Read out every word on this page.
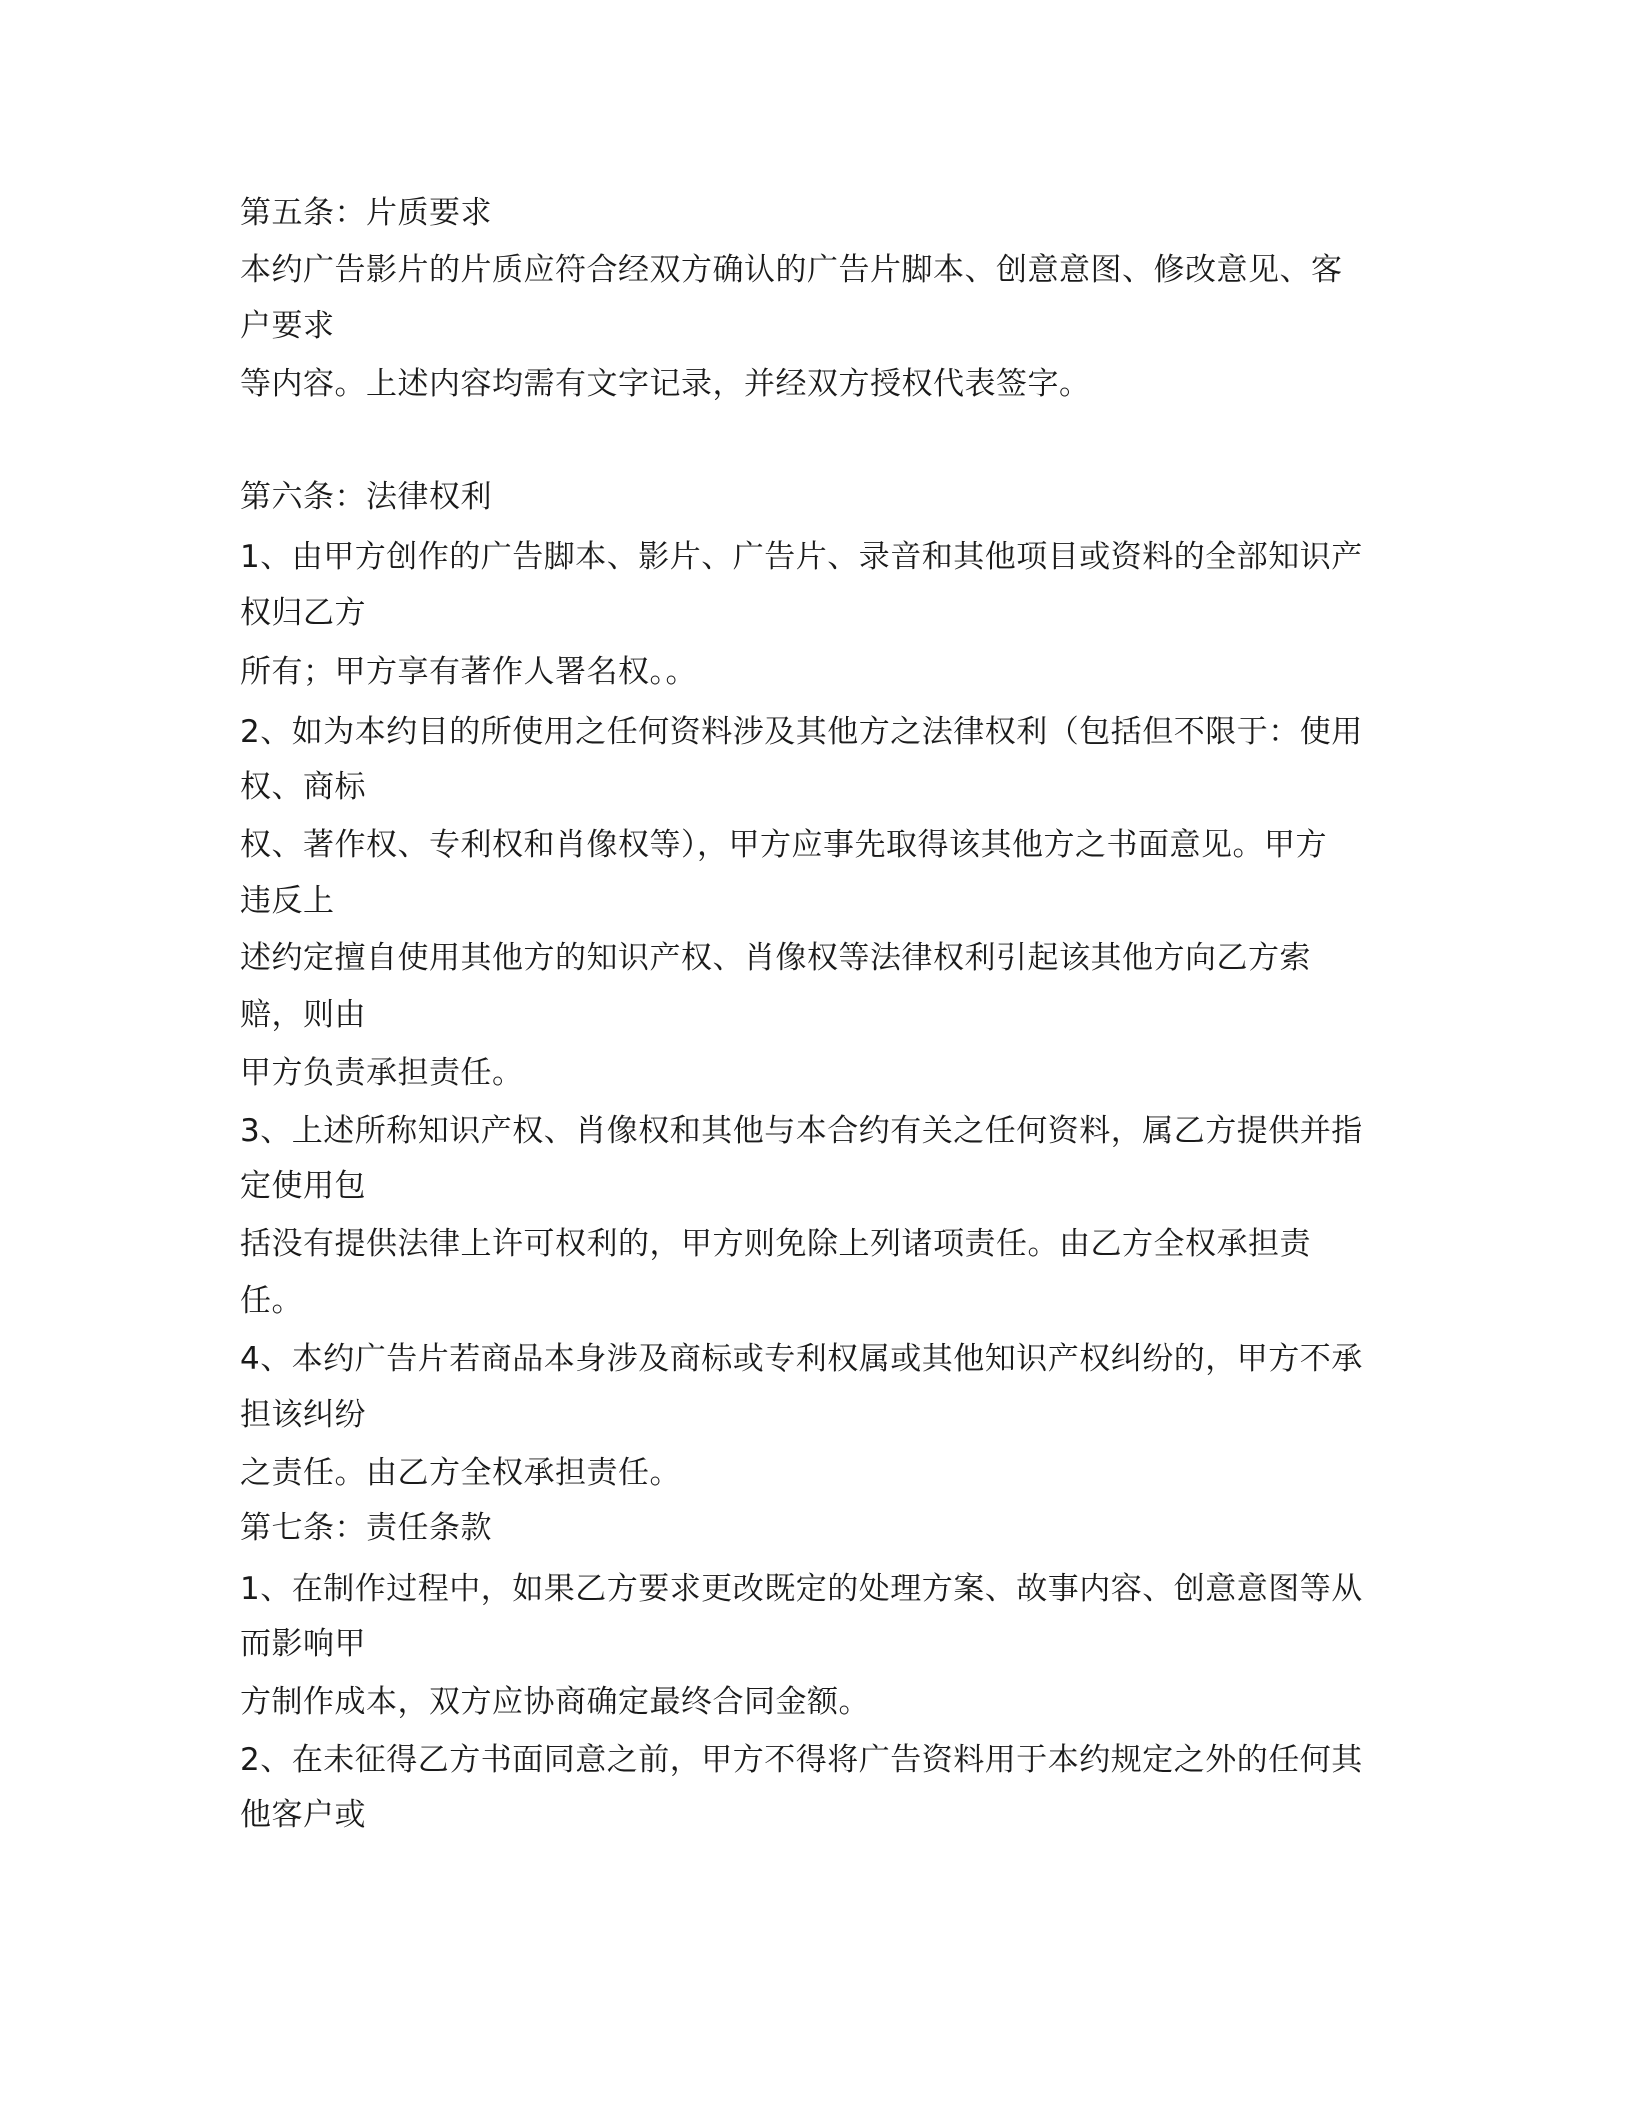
第五条：片质要求
本约广告影片的片质应符合经双方确认的广告片脚本、创意意图、修改意见、客
户要求
等内容。上述内容均需有文字记录，并经双方授权代表签字。
第六条：法律权利
1、由甲方创作的广告脚本、影片、广告片、录音和其他项目或资料的全部知识产
权归乙方
所有；甲方享有著作人署名权。。
2、如为本约目的所使用之任何资料涉及其他方之法律权利（包括但不限于：使用
权、商标
权、著作权、专利权和肖像权等），甲方应事先取得该其他方之书面意见。甲方
违反上
述约定擅自使用其他方的知识产权、肖像权等法律权利引起该其他方向乙方索
赔，则由
甲方负责承担责任。
3、上述所称知识产权、肖像权和其他与本合约有关之任何资料，属乙方提供并指
定使用包
括没有提供法律上许可权利的，甲方则免除上列诸项责任。由乙方全权承担责
任。
4、本约广告片若商品本身涉及商标或专利权属或其他知识产权纠纷的，甲方不承
担该纠纷
之责任。由乙方全权承担责任。
第七条：责任条款
1、在制作过程中，如果乙方要求更改既定的处理方案、故事内容、创意意图等从
而影响甲
方制作成本，双方应协商确定最终合同金额。
2、在未征得乙方书面同意之前，甲方不得将广告资料用于本约规定之外的任何其
他客户或
